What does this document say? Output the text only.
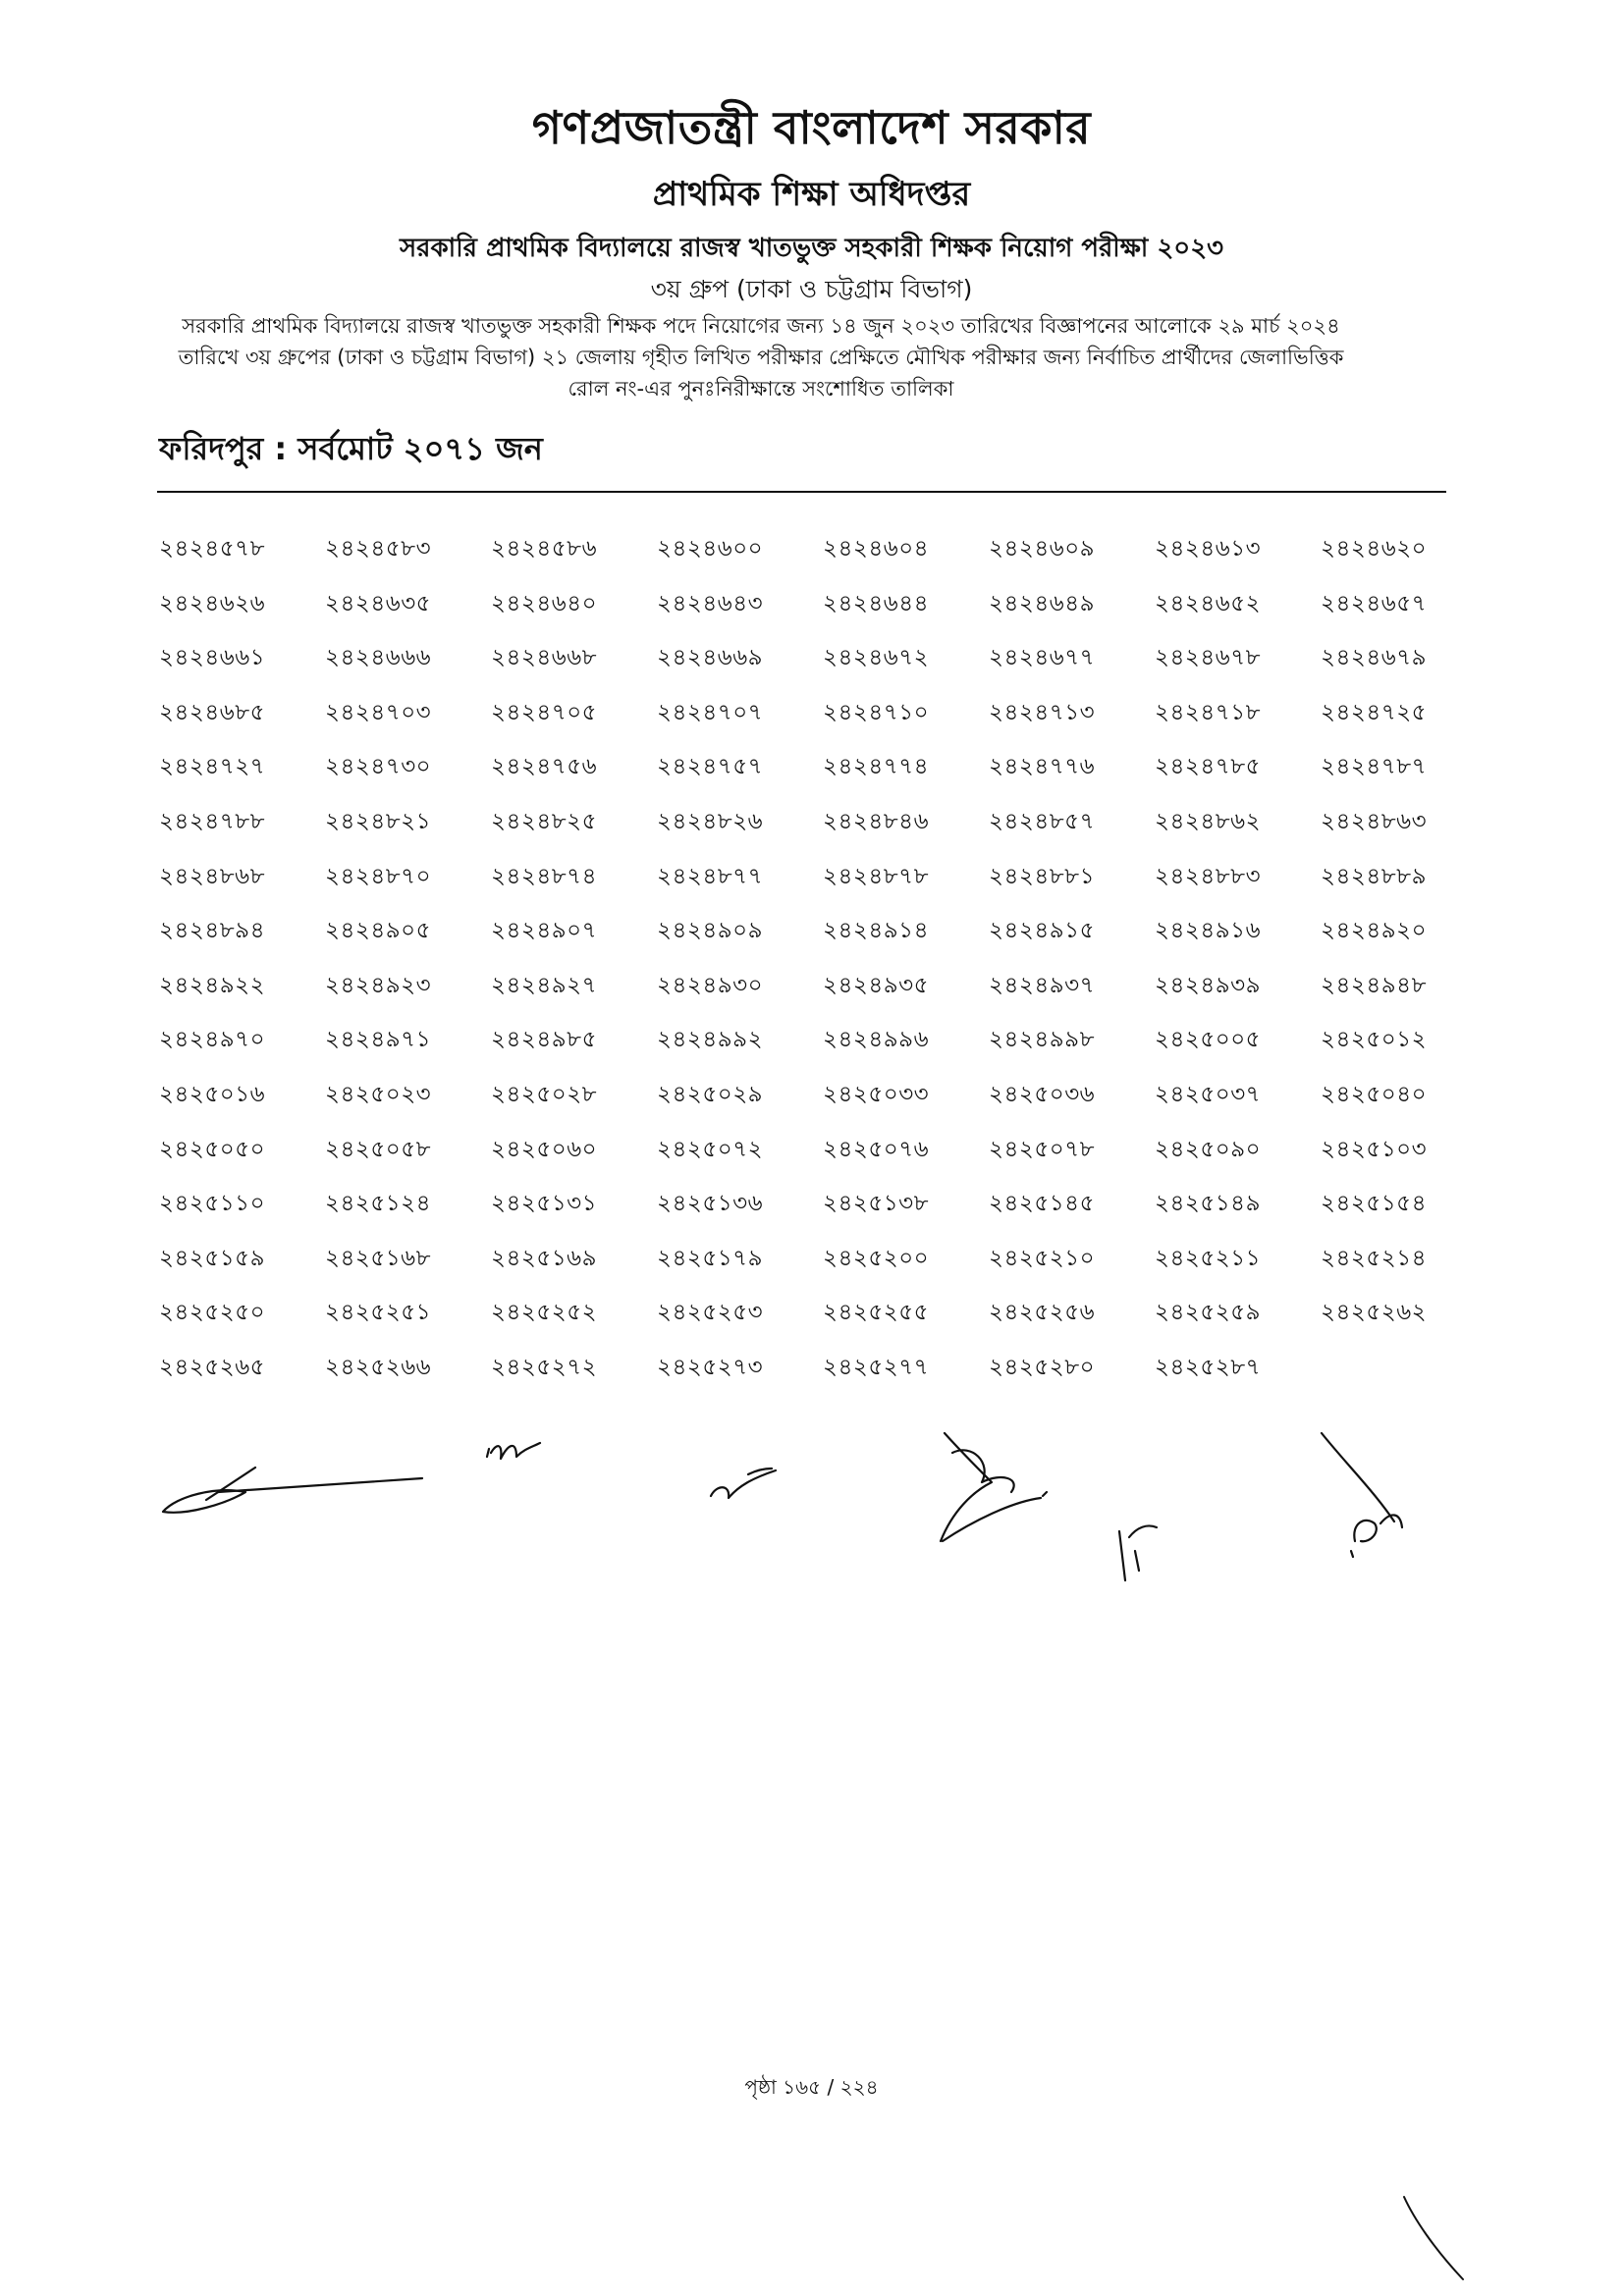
গণপ্রজাতন্ত্রী বাংলাদেশ সরকার
প্রাথমিক শিক্ষা অধিদপ্তর
সরকারি প্রাথমিক বিদ্যালয়ে রাজস্ব খাতভুক্ত সহকারী শিক্ষক নিয়োগ পরীক্ষা ২০২৩
৩য় গ্রুপ (ঢাকা ও চট্টগ্রাম বিভাগ)
সরকারি প্রাথমিক বিদ্যালয়ে রাজস্ব খাতভুক্ত সহকারী শিক্ষক পদে নিয়োগের জন্য ১৪ জুন ২০২৩ তারিখের বিজ্ঞাপনের আলোকে ২৯ মার্চ ২০২৪ তারিখে ৩য় গ্রুপের (ঢাকা ও চট্টগ্রাম বিভাগ) ২১ জেলায় গৃহীত লিখিত পরীক্ষার প্রেক্ষিতে মৌখিক পরীক্ষার জন্য নির্বাচিত প্রার্থীদের জেলাভিত্তিক রোল নং-এর পুনঃনিরীক্ষান্তে সংশোধিত তালিকা
ফরিদপুর : সর্বমোট ২০৭১ জন
২৪২৪৫৭৮	২৪২৪৫৮৩	২৪২৪৫৮৬	২৪২৪৬০০	২৪২৪৬০৪	২৪২৪৬০৯	২৪২৪৬১৩	২৪২৪৬২০
২৪২৪৬২৬	২৪২৪৬৩৫	২৪২৪৬৪০	২৪২৪৬৪৩	২৪২৪৬৪৪	২৪২৪৬৪৯	২৪২৪৬৫২	২৪২৪৬৫৭
২৪২৪৬৬১	২৪২৪৬৬৬	২৪২৪৬৬৮	২৪২৪৬৬৯	২৪২৪৬৭২	২৪২৪৬৭৭	২৪২৪৬৭৮	২৪২৪৬৭৯
২৪২৪৬৮৫	২৪২৪৭০৩	২৪২৪৭০৫	২৪২৪৭০৭	২৪২৪৭১০	২৪২৪৭১৩	২৪২৪৭১৮	২৪২৪৭২৫
২৪২৪৭২৭	২৪২৪৭৩০	২৪২৪৭৫৬	২৪২৪৭৫৭	২৪২৪৭৭৪	২৪২৪৭৭৬	২৪২৪৭৮৫	২৪২৪৭৮৭
২৪২৪৭৮৮	২৪২৪৮২১	২৪২৪৮২৫	২৪২৪৮২৬	২৪২৪৮৪৬	২৪২৪৮৫৭	২৪২৪৮৬২	২৪২৪৮৬৩
২৪২৪৮৬৮	২৪২৪৮৭০	২৪২৪৮৭৪	২৪২৪৮৭৭	২৪২৪৮৭৮	২৪২৪৮৮১	২৪২৪৮৮৩	২৪২৪৮৮৯
২৪২৪৮৯৪	২৪২৪৯০৫	২৪২৪৯০৭	২৪২৪৯০৯	২৪২৪৯১৪	২৪২৪৯১৫	২৪২৪৯১৬	২৪২৪৯২০
২৪২৪৯২২	২৪২৪৯২৩	২৪২৪৯২৭	২৪২৪৯৩০	২৪২৪৯৩৫	২৪২৪৯৩৭	২৪২৪৯৩৯	২৪২৪৯৪৮
২৪২৪৯৭০	২৪২৪৯৭১	২৪২৪৯৮৫	২৪২৪৯৯২	২৪২৪৯৯৬	২৪২৪৯৯৮	২৪২৫০০৫	২৪২৫০১২
২৪২৫০১৬	২৪২৫০২৩	২৪২৫০২৮	২৪২৫০২৯	২৪২৫০৩৩	২৪২৫০৩৬	২৪২৫০৩৭	২৪২৫০৪০
২৪২৫০৫০	২৪২৫০৫৮	২৪২৫০৬০	২৪২৫০৭২	২৪২৫০৭৬	২৪২৫০৭৮	২৪২৫০৯০	২৪২৫১০৩
২৪২৫১১০	২৪২৫১২৪	২৪২৫১৩১	২৪২৫১৩৬	২৪২৫১৩৮	২৪২৫১৪৫	২৪২৫১৪৯	২৪২৫১৫৪
২৪২৫১৫৯	২৪২৫১৬৮	২৪২৫১৬৯	২৪২৫১৭৯	২৪২৫২০০	২৪২৫২১০	২৪২৫২১১	২৪২৫২১৪
২৪২৫২৫০	২৪২৫২৫১	২৪২৫২৫২	২৪২৫২৫৩	২৪২৫২৫৫	২৪২৫২৫৬	২৪২৫২৫৯	২৪২৫২৬২
২৪২৫২৬৫	২৪২৫২৬৬	২৪২৫২৭২	২৪২৫২৭৩	২৪২৫২৭৭	২৪২৫২৮০	২৪২৫২৮৭
পৃষ্ঠা ১৬৫ / ২২৪
